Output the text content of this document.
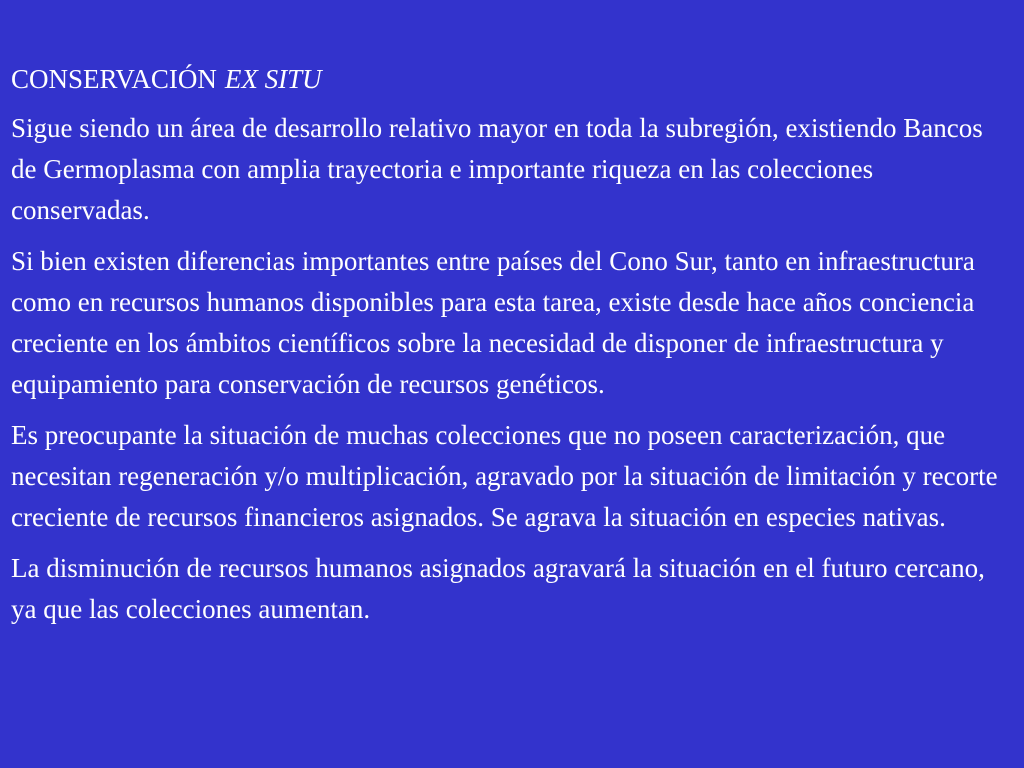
CONSERVACIÓN EX SITU

Sigue siendo un área de desarrollo relativo mayor en toda la subregión, existiendo Bancos de Germoplasma con amplia trayectoria e importante riqueza en las colecciones conservadas.

Si bien existen diferencias importantes entre países del Cono Sur, tanto en infraestructura como en recursos humanos disponibles para esta tarea, existe desde hace años conciencia creciente en los ámbitos científicos sobre la necesidad de disponer de infraestructura y equipamiento para conservación de recursos genéticos.

Es preocupante la situación de muchas colecciones que no poseen caracterización, que necesitan regeneración y/o multiplicación, agravado por la situación de limitación y recorte creciente de recursos financieros asignados. Se agrava la situación en especies nativas.

La disminución de recursos humanos asignados agravará la situación en el futuro cercano, ya que las colecciones aumentan.
